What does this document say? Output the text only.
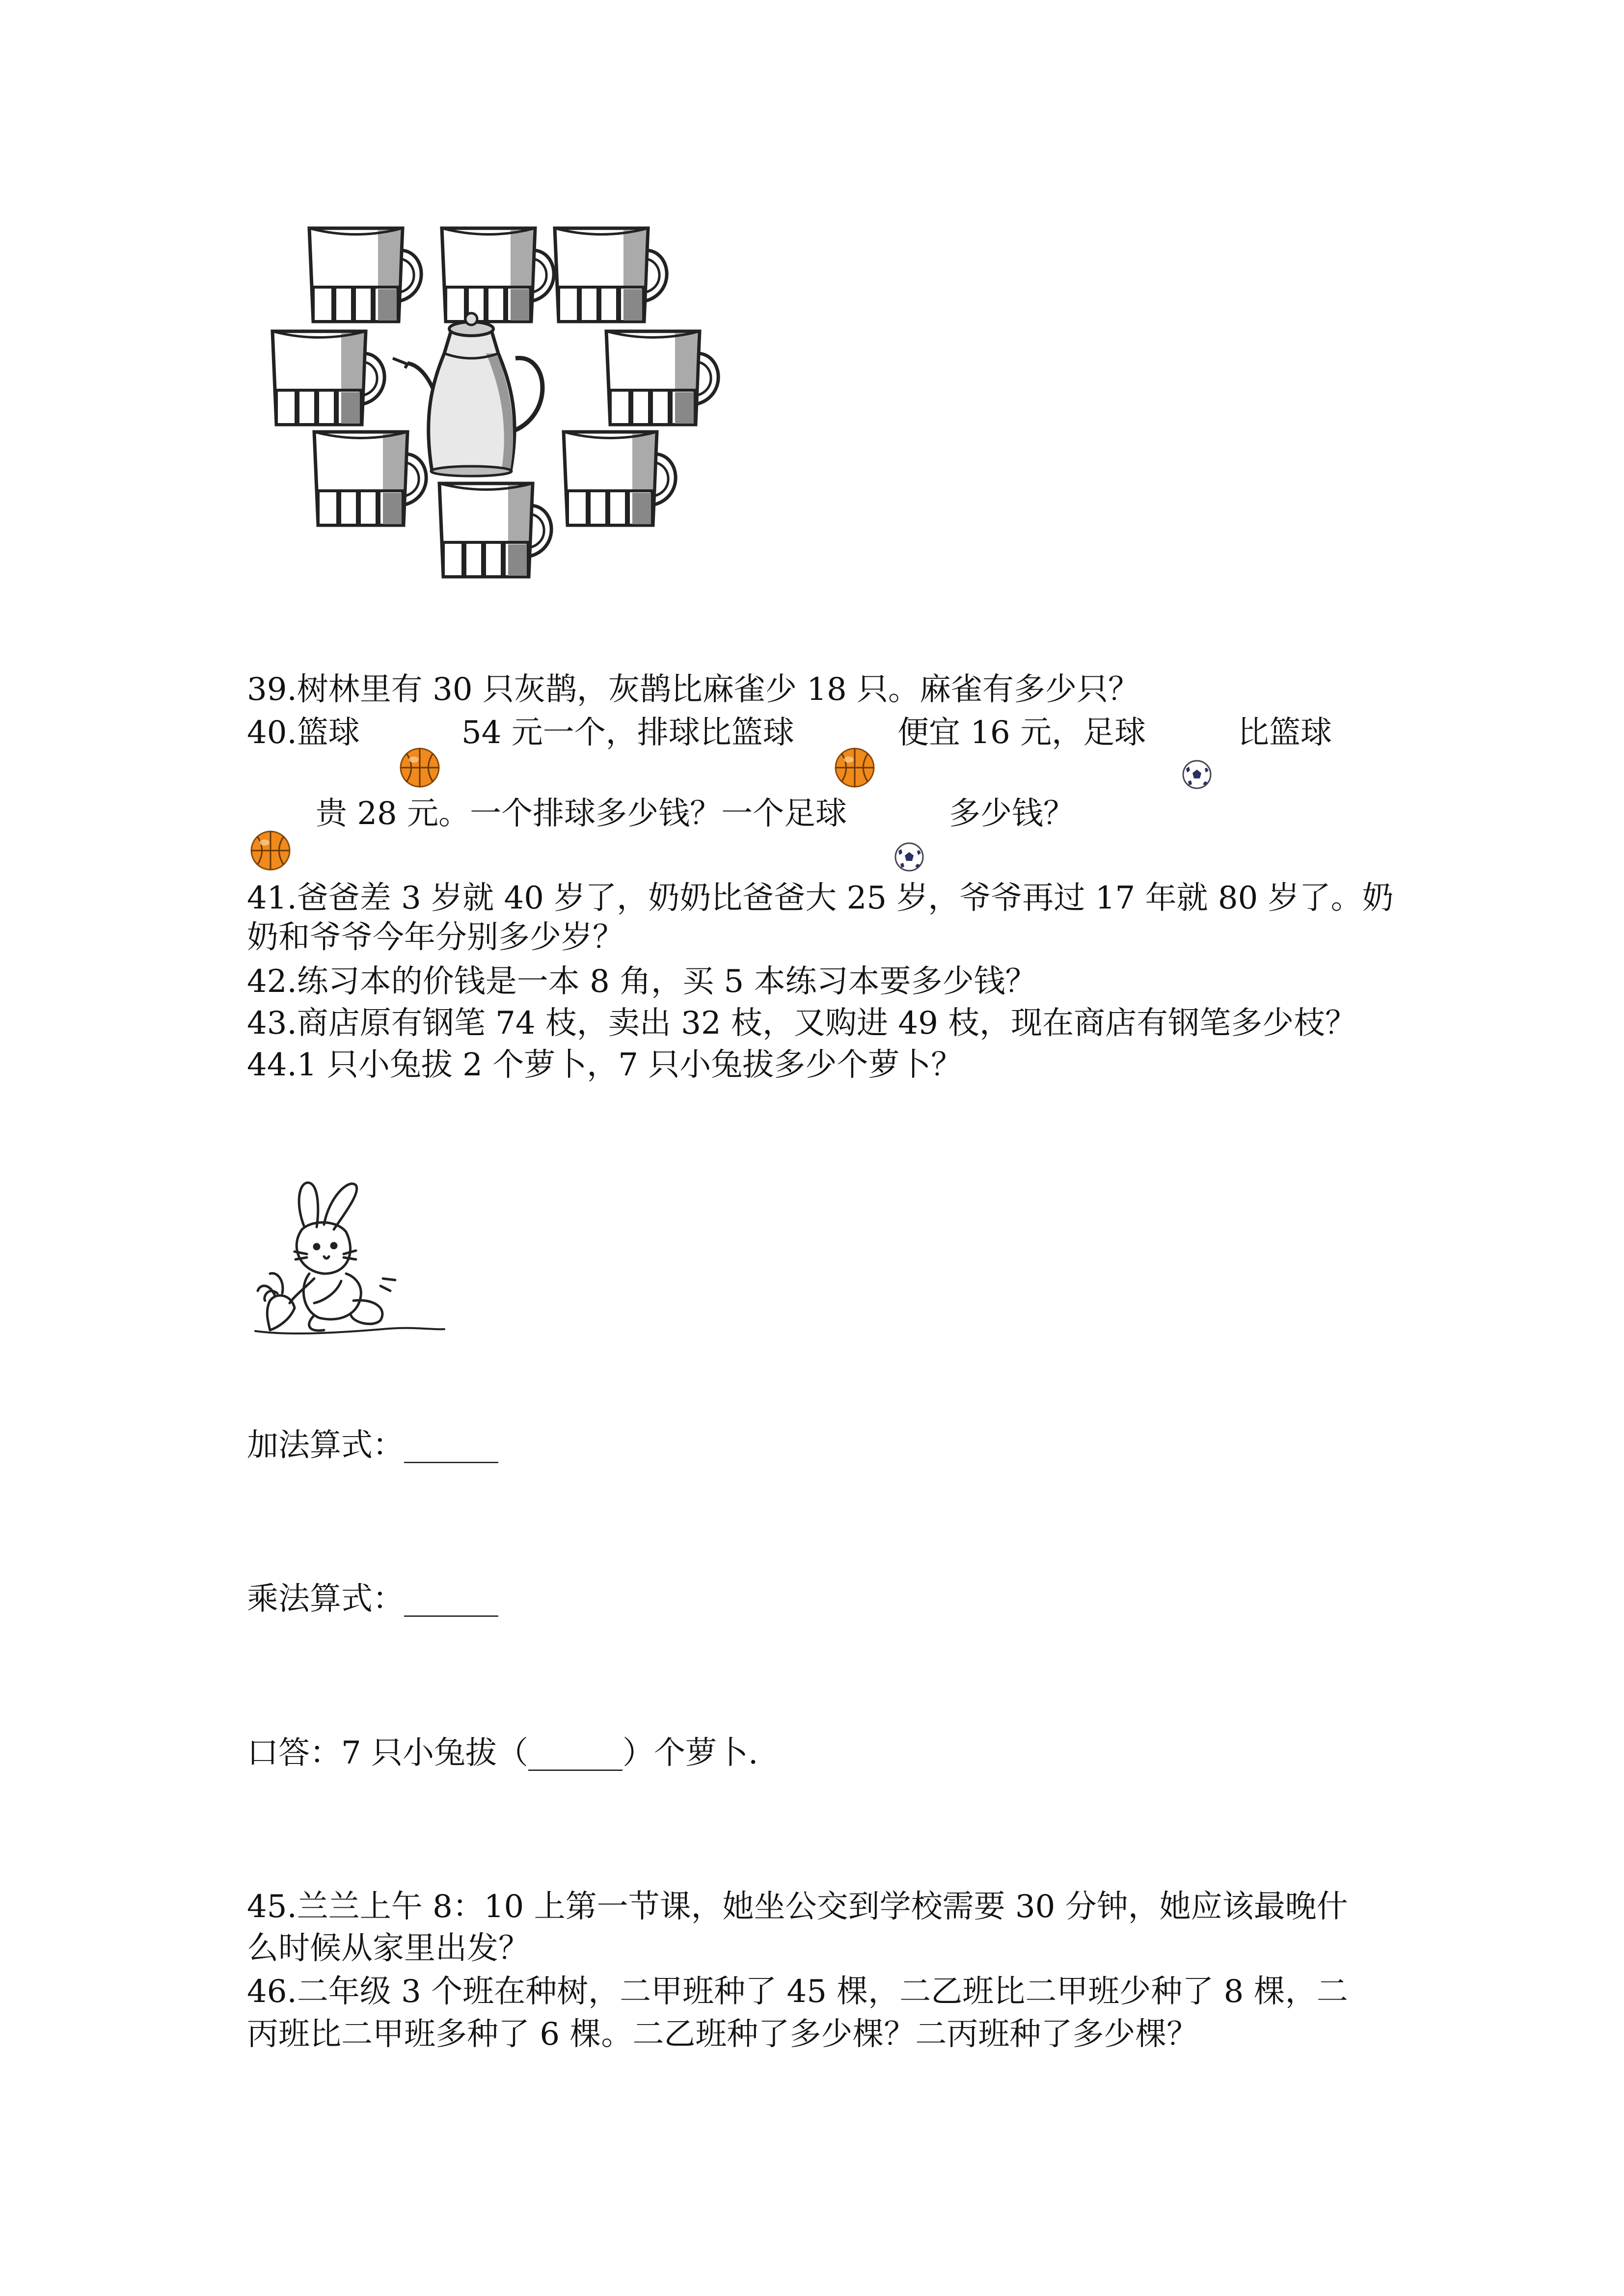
39.树林里有 30 只灰鹊，灰鹊比麻雀少 18 只。麻雀有多少只？
40.篮球	54 元一个，排球比篮球	便宜 16 元，足球	比篮球
贵 28 元。一个排球多少钱？一个足球	多少钱？
41.爸爸差 3 岁就 40 岁了，奶奶比爸爸大 25 岁，爷爷再过 17 年就 80 岁了。奶
奶和爷爷今年分别多少岁？
42.练习本的价钱是一本 8 角，买 5 本练习本要多少钱？
43.商店原有钢笔 74 枝，卖出 32 枝，又购进 49 枝，现在商店有钢笔多少枝？
44.1 只小兔拔 2 个萝卜，7 只小兔拔多少个萝卜？
加法算式：______
乘法算式：______
口答：7 只小兔拔（______）个萝卜.
45.兰兰上午 8：10 上第一节课，她坐公交到学校需要 30 分钟，她应该最晚什
么时候从家里出发？
46.二年级 3 个班在种树，二甲班种了 45 棵，二乙班比二甲班少种了 8 棵，二
丙班比二甲班多种了 6 棵。二乙班种了多少棵？二丙班种了多少棵？
